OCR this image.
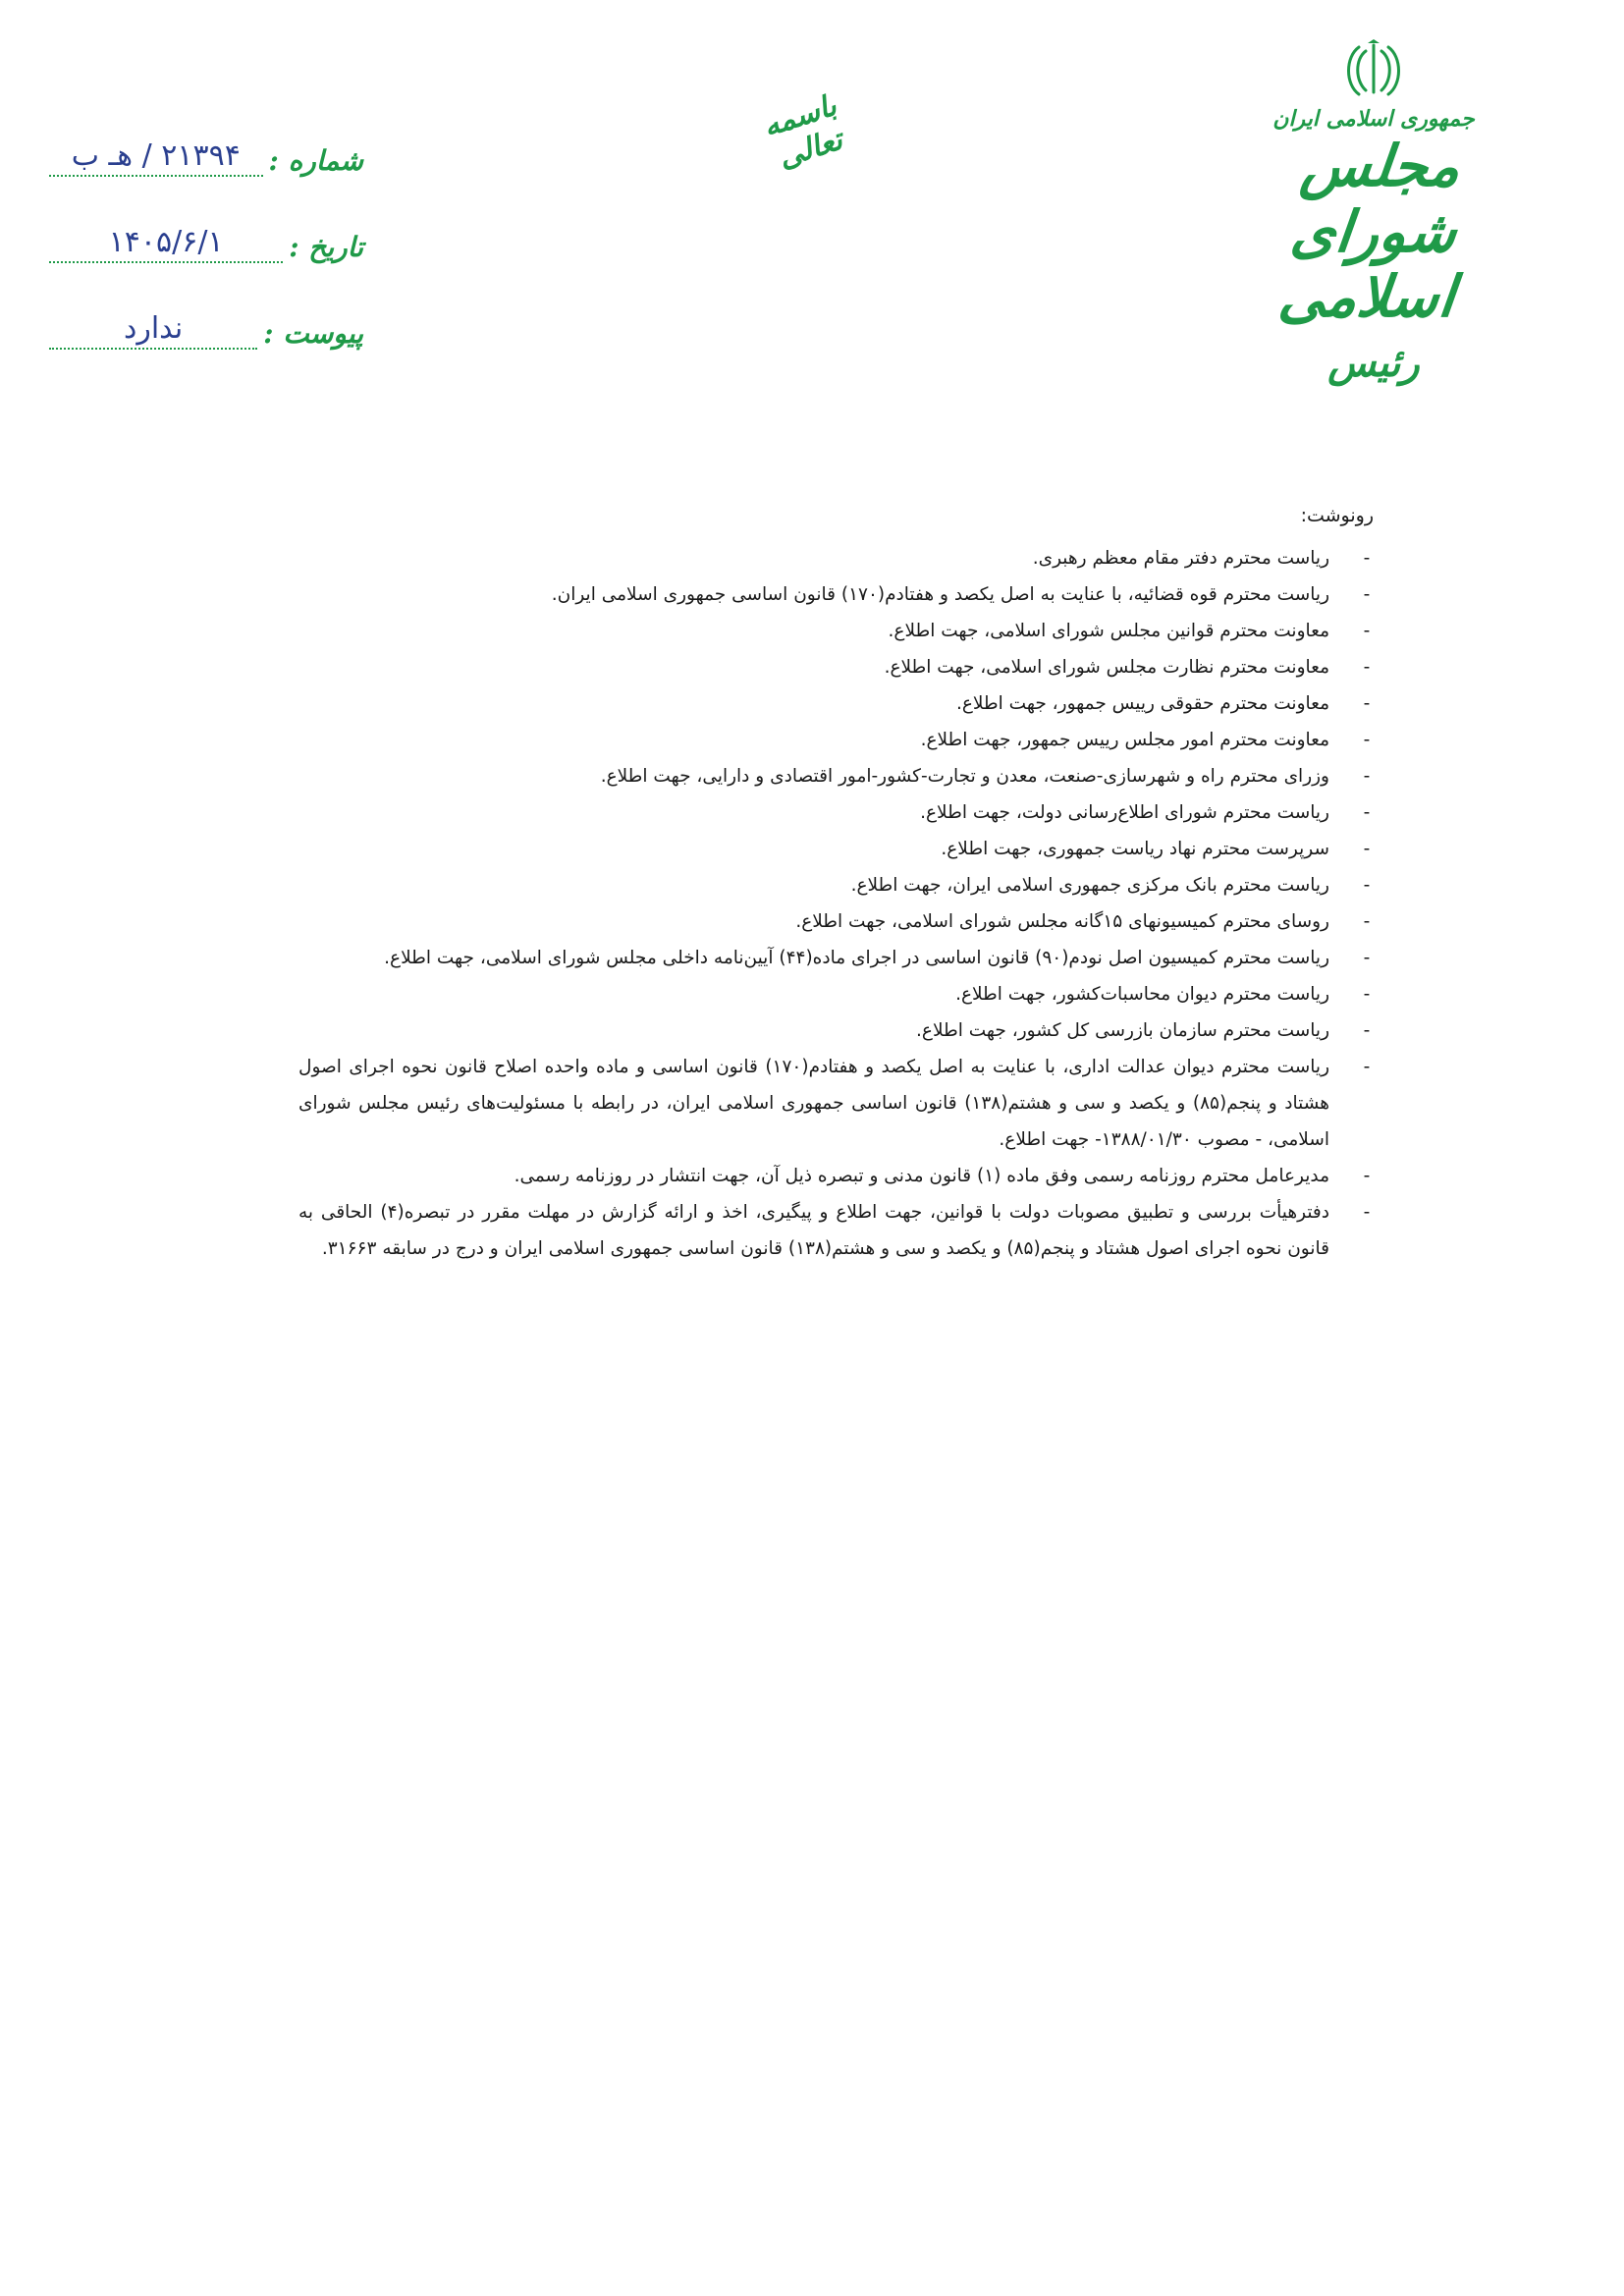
جمهوری اسلامی ایران
مجلس شورای اسلامی
رئیس
باسمه تعالی
شماره :
۲۱۳۹۴ / هـ ب
تاریخ :
۱۴۰۵/۶/۱
پیوست :
ندارد
رونوشت:
-
ریاست محترم دفتر مقام معظم رهبری.
-
ریاست محترم قوه قضائیه، با عنایت به اصل یکصد و هفتادم(۱۷۰) قانون اساسی جمهوری اسلامی ایران.
-
معاونت محترم قوانین مجلس شورای اسلامی، جهت اطلاع.
-
معاونت محترم نظارت مجلس شورای اسلامی، جهت اطلاع.
-
معاونت محترم حقوقی رییس جمهور، جهت اطلاع.
-
معاونت محترم امور مجلس رییس جمهور، جهت اطلاع.
-
وزرای محترم راه و شهرسازی-صنعت، معدن و تجارت-کشور-امور اقتصادی و دارایی، جهت اطلاع.
-
ریاست محترم شورای اطلاع‌رسانی دولت، جهت اطلاع.
-
سرپرست محترم نهاد ریاست جمهوری، جهت اطلاع.
-
ریاست محترم بانک مرکزی جمهوری اسلامی ایران، جهت اطلاع.
-
روسای محترم کمیسیونهای ۱۵گانه مجلس شورای اسلامی، جهت اطلاع.
-
ریاست محترم کمیسیون اصل نودم(۹۰) قانون اساسی در اجرای ماده(۴۴) آیین‌نامه داخلی مجلس شورای اسلامی، جهت اطلاع.
-
ریاست محترم دیوان محاسبات‌کشور، جهت اطلاع.
-
ریاست محترم سازمان بازرسی کل کشور، جهت اطلاع.
-
ریاست محترم دیوان عدالت اداری، با عنایت به اصل یکصد و هفتادم(۱۷۰) قانون اساسی و ماده واحده اصلاح قانون نحوه اجرای اصول هشتاد و پنجم(۸۵) و یکصد و سی و هشتم(۱۳۸) قانون اساسی جمهوری اسلامی ایران، در رابطه با مسئولیت‌های رئیس مجلس شورای اسلامی، - مصوب ۱۳۸۸/۰۱/۳۰- جهت اطلاع.
-
مدیرعامل محترم روزنامه رسمی وفق ماده (۱) قانون مدنی و تبصره ذیل آن، جهت انتشار در روزنامه رسمی.
-
دفترهیأت بررسی و تطبیق مصوبات دولت با قوانین، جهت اطلاع و پیگیری، اخذ و ارائه گزارش در مهلت مقرر در تبصره(۴) الحاقی به قانون نحوه اجرای اصول هشتاد و پنجم(۸۵) و یکصد و سی و هشتم(۱۳۸) قانون اساسی جمهوری اسلامی ایران و درج در سابقه ۳۱۶۶۳.
